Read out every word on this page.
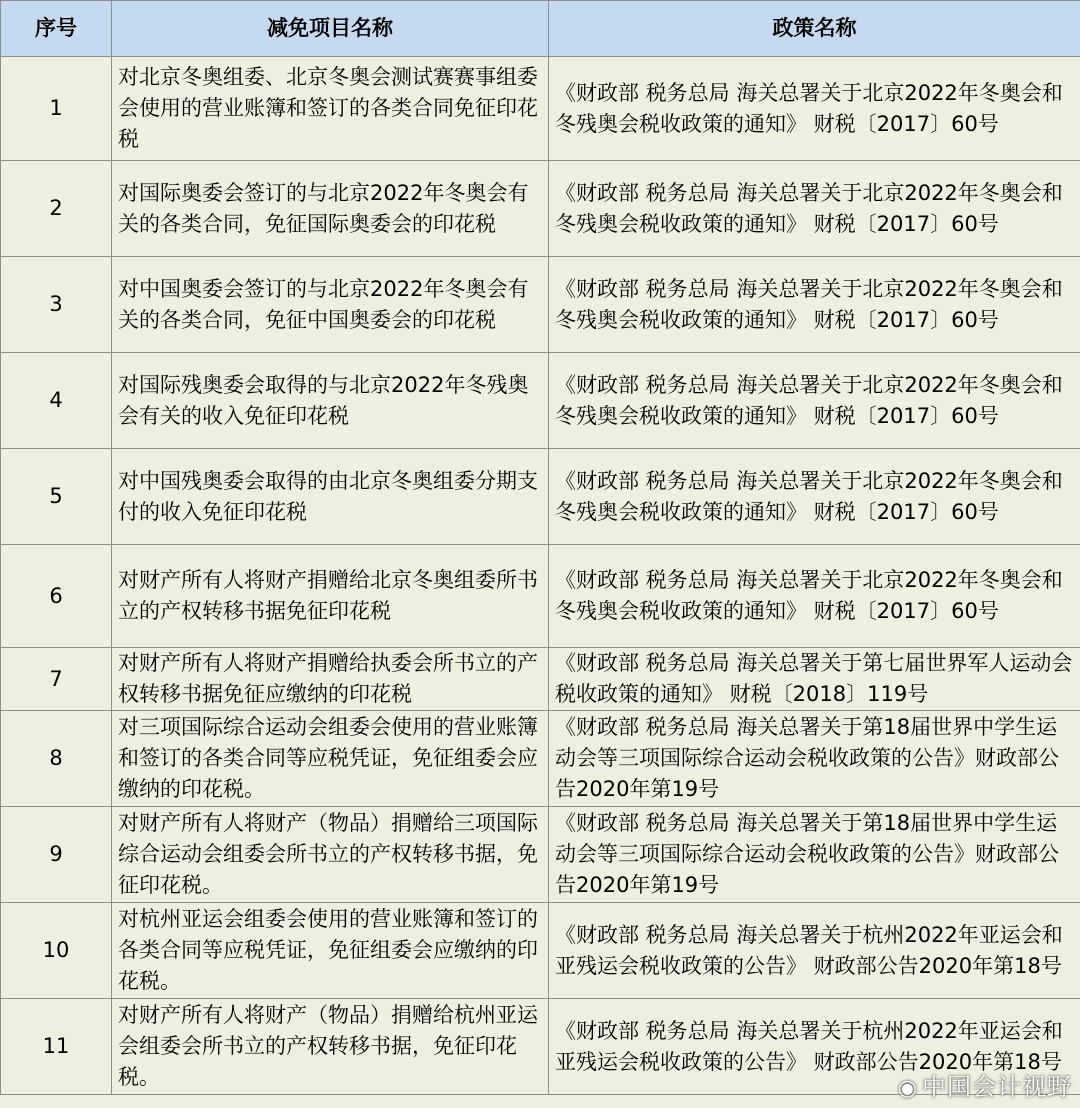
序号	减免项目名称	政策名称
1	对北京冬奥组委、北京冬奥会测试赛赛事组委会使用的营业账簿和签订的各类合同免征印花税	《财政部 税务总局 海关总署关于北京2022年冬奥会和冬残奥会税收政策的通知》 财税〔2017〕60号
2	对国际奥委会签订的与北京2022年冬奥会有关的各类合同，免征国际奥委会的印花税	《财政部 税务总局 海关总署关于北京2022年冬奥会和冬残奥会税收政策的通知》 财税〔2017〕60号
3	对中国奥委会签订的与北京2022年冬奥会有关的各类合同，免征中国奥委会的印花税	《财政部 税务总局 海关总署关于北京2022年冬奥会和冬残奥会税收政策的通知》 财税〔2017〕60号
4	对国际残奥委会取得的与北京2022年冬残奥会有关的收入免征印花税	《财政部 税务总局 海关总署关于北京2022年冬奥会和冬残奥会税收政策的通知》 财税〔2017〕60号
5	对中国残奥委会取得的由北京冬奥组委分期支付的收入免征印花税	《财政部 税务总局 海关总署关于北京2022年冬奥会和冬残奥会税收政策的通知》 财税〔2017〕60号
6	对财产所有人将财产捐赠给北京冬奥组委所书立的产权转移书据免征印花税	《财政部 税务总局 海关总署关于北京2022年冬奥会和冬残奥会税收政策的通知》 财税〔2017〕60号
7	对财产所有人将财产捐赠给执委会所书立的产权转移书据免征应缴纳的印花税	《财政部 税务总局 海关总署关于第七届世界军人运动会税收政策的通知》 财税〔2018〕119号
8	对三项国际综合运动会组委会使用的营业账簿和签订的各类合同等应税凭证，免征组委会应缴纳的印花税。	《财政部 税务总局 海关总署关于第18届世界中学生运动会等三项国际综合运动会税收政策的公告》财政部公告2020年第19号
9	对财产所有人将财产（物品）捐赠给三项国际综合运动会组委会所书立的产权转移书据，免征印花税。	《财政部 税务总局 海关总署关于第18届世界中学生运动会等三项国际综合运动会税收政策的公告》财政部公告2020年第19号
10	对杭州亚运会组委会使用的营业账簿和签订的各类合同等应税凭证，免征组委会应缴纳的印花税。	《财政部 税务总局 海关总署关于杭州2022年亚运会和亚残运会税收政策的公告》 财政部公告2020年第18号
11	对财产所有人将财产（物品）捐赠给杭州亚运会组委会所书立的产权转移书据，免征印花税。	《财政部 税务总局 海关总署关于杭州2022年亚运会和亚残运会税收政策的公告》 财政部公告2020年第18号
◉ 中国会计视野
